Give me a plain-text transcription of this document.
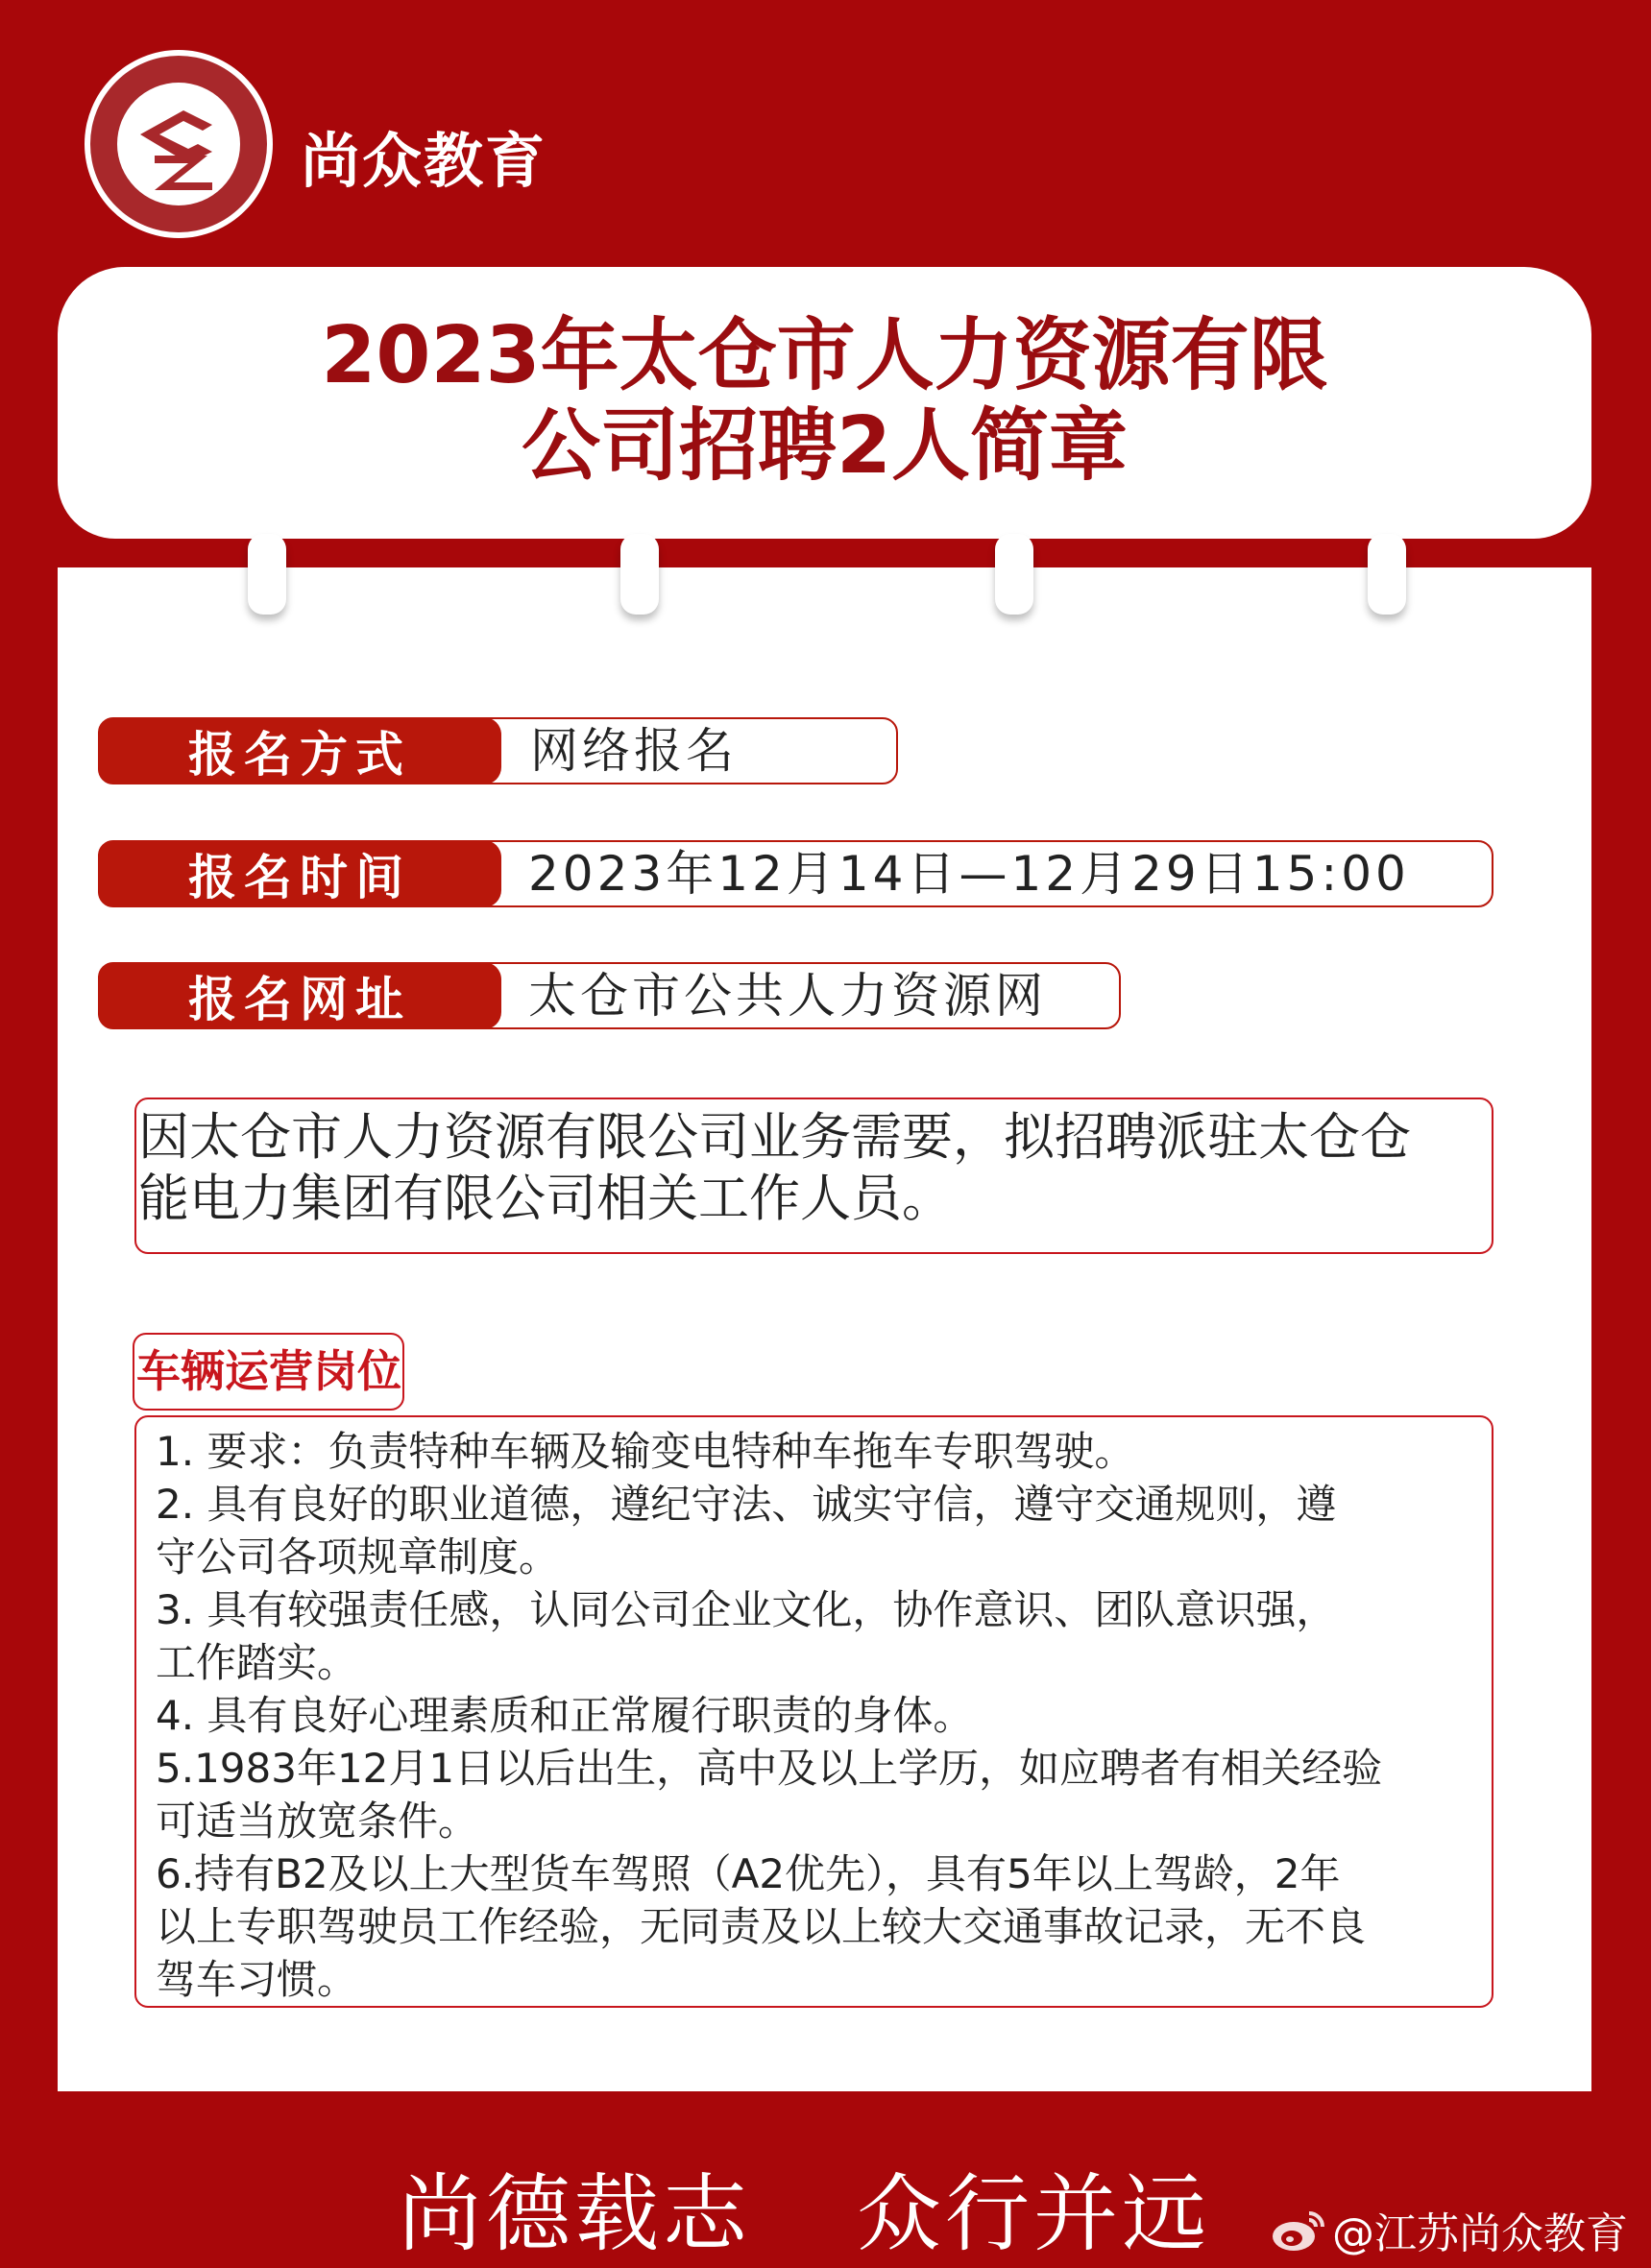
尚众教育
2023年太仓市人力资源有限
公司招聘2人简章
报名方式	网络报名
报名时间	2023年12月14日—12月29日15:00
报名网址	太仓市公共人力资源网
因太仓市人力资源有限公司业务需要，拟招聘派驻太仓仓
能电力集团有限公司相关工作人员。
车辆运营岗位
1. 要求：负责特种车辆及输变电特种车拖车专职驾驶。
2. 具有良好的职业道德，遵纪守法、诚实守信，遵守交通规则，遵
守公司各项规章制度。
3. 具有较强责任感，认同公司企业文化，协作意识、团队意识强，
工作踏实。
4. 具有良好心理素质和正常履行职责的身体。
5.1983年12月1日以后出生，高中及以上学历，如应聘者有相关经验
可适当放宽条件。
6.持有B2及以上大型货车驾照（A2优先），具有5年以上驾龄，2年
以上专职驾驶员工作经验，无同责及以上较大交通事故记录，无不良
驾车习惯。
尚德载志 众行并远	@江苏尚众教育
